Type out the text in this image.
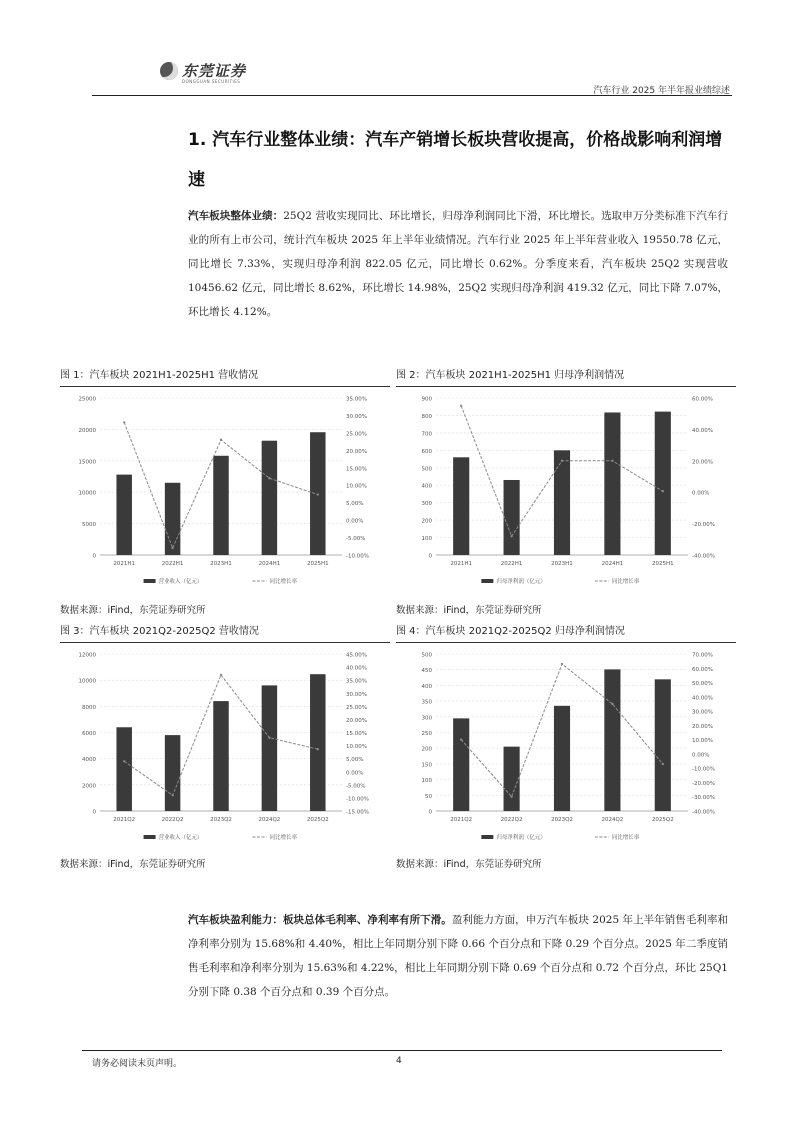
东莞证券
DONGGUAN SECURITIES
汽车行业 2025 年半年报业绩综述
1. 汽车行业整体业绩：汽车产销增长板块营收提高，价格战影响利润增速
汽车板块整体业绩：25Q2 营收实现同比、环比增长，归母净利润同比下滑，环比增长。选取申万分类标准下汽车行业的所有上市公司，统计汽车板块 2025 年上半年业绩情况。汽车行业 2025 年上半年营业收入 19550.78 亿元，同比增长 7.33%，实现归母净利润 822.05 亿元，同比增长 0.62%。分季度来看，汽车板块 25Q2 实现营收 10456.62 亿元，同比增长 8.62%，环比增长 14.98%，25Q2 实现归母净利润 419.32 亿元，同比下降 7.07%，环比增长 4.12%。
图 1：汽车板块 2021H1-2025H1 营收情况
0
5000
10000
15000
20000
25000
-10.00%
-5.00%
0.00%
5.00%
10.00%
15.00%
20.00%
25.00%
30.00%
35.00%
2021H1	2022H1	2023H1	2024H1	2025H1
营业收入（亿元）	同比增长率
数据来源：iFind，东莞证券研究所
图 2：汽车板块 2021H1-2025H1 归母净利润情况
0
100
200
300
400
500
600
700
800
900
-40.00%
-20.00%
0.00%
20.00%
40.00%
60.00%
2021H1	2022H1	2023H1	2024H1	2025H1
归母净利润（亿元）	同比增长率
数据来源：iFind，东莞证券研究所
图 3：汽车板块 2021Q2-2025Q2 营收情况
0
2000
4000
6000
8000
10000
12000
-15.00%
-10.00%
-5.00%
0.00%
5.00%
10.00%
15.00%
20.00%
25.00%
30.00%
35.00%
40.00%
45.00%
2021Q2	2022Q2	2023Q2	2024Q2	2025Q2
营业收入（亿元）	同比增长率
数据来源：iFind，东莞证券研究所
图 4：汽车板块 2021Q2-2025Q2 归母净利润情况
0
50
100
150
200
250
300
350
400
450
500
-40.00%
-30.00%
-20.00%
-10.00%
0.00%
10.00%
20.00%
30.00%
40.00%
50.00%
60.00%
70.00%
2021Q2	2022Q2	2023Q2	2024Q2	2025Q2
归母净利润（亿元）	同比增长率
数据来源：iFind，东莞证券研究所
汽车板块盈利能力：板块总体毛利率、净利率有所下滑。盈利能力方面，申万汽车板块 2025 年上半年销售毛利率和净利率分别为 15.68%和 4.40%，相比上年同期分别下降 0.66 个百分点和下降 0.29 个百分点。2025 年二季度销售毛利率和净利率分别为 15.63%和 4.22%，相比上年同期分别下降 0.69 个百分点和 0.72 个百分点，环比 25Q1 分别下降 0.38 个百分点和 0.39 个百分点。
请务必阅读末页声明。	4
